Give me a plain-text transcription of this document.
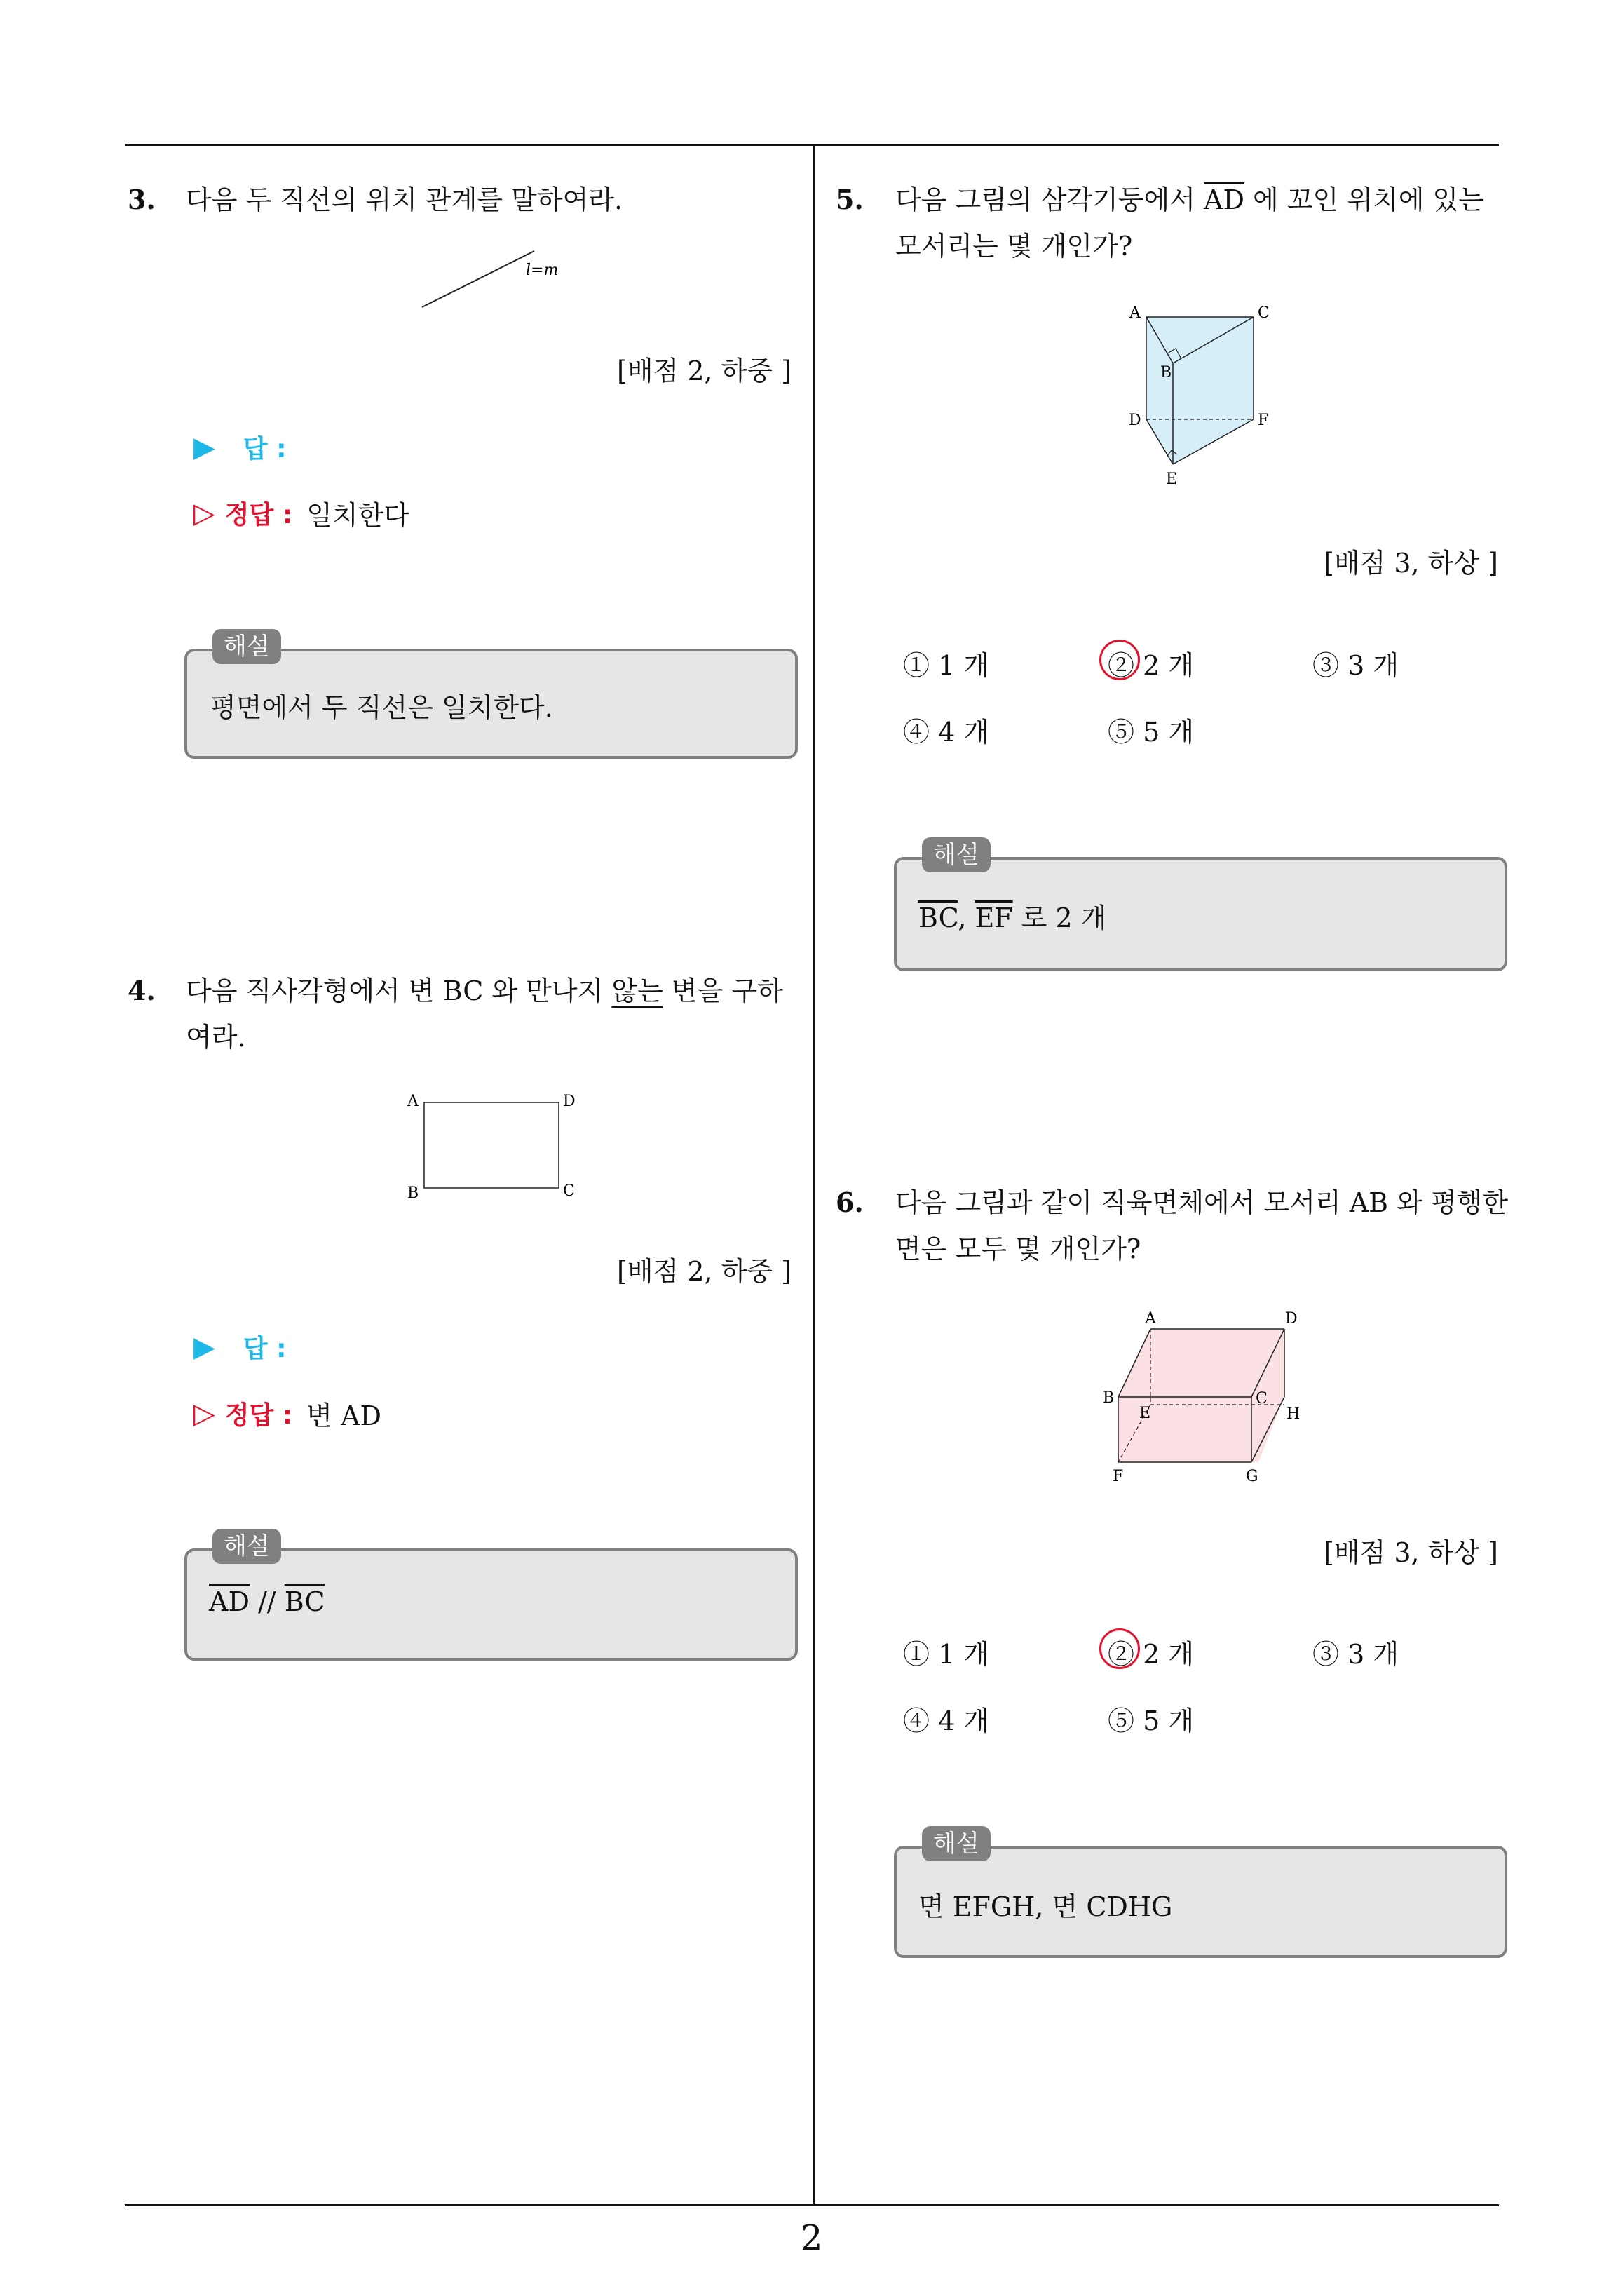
2
3. 다음 두 직선의 위치 관계를 말하여라.
l=m
[배점 2, 하중 ]
▶ 답 :
▷ 정답 : 일치한다
해설
평면에서 두 직선은 일치한다.
4. 다음 직사각형에서 변 BC 와 만나지 않는 변을 구하
여라.
A	D
B	C
[배점 2, 하중 ]
▶ 답 :
▷ 정답 : 변 AD
해설
$\overline{AD} // \overline{BC}$
5. 다음 그림의 삼각기둥에서 $\overline{AD}$ 에 꼬인 위치에 있는
모서리는 몇 개인가?
A	C
B
D	F
E
[배점 3, 하상 ]
① 1 개	② 2 개	③ 3 개
④ 4 개	⑤ 5 개
해설
$\overline{BC}$, $\overline{EF}$ 로 2 개
6. 다음 그림과 같이 직육면체에서 모서리 AB 와 평행한
면은 모두 몇 개인가?
A	D
B	C
E	H
F	G
[배점 3, 하상 ]
① 1 개	② 2 개	③ 3 개
④ 4 개	⑤ 5 개
해설
면 EFGH, 면 CDHG
